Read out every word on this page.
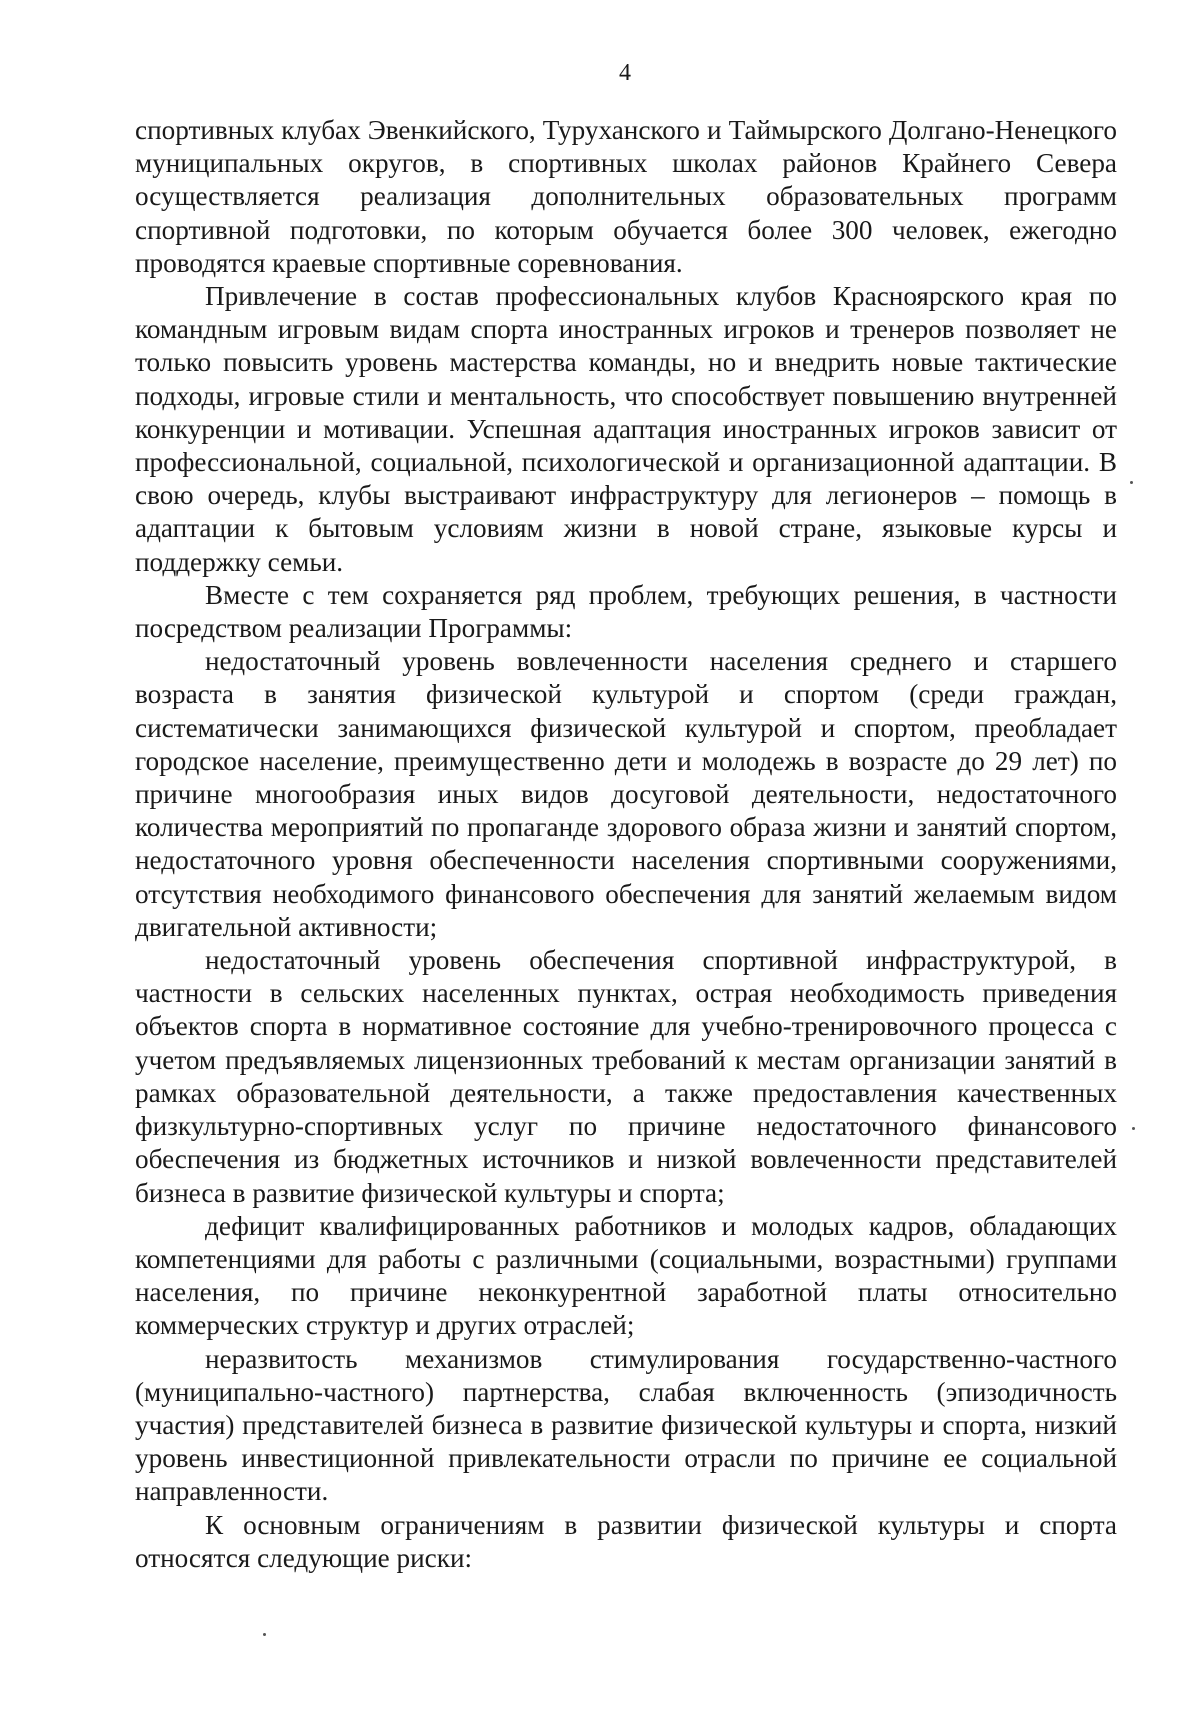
4

спортивных клубах Эвенкийского, Туруханского и Таймырского Долгано-Ненецкого муниципальных округов, в спортивных школах районов Крайнего Севера осуществляется реализация дополнительных образовательных программ спортивной подготовки, по которым обучается более 300 человек, ежегодно проводятся краевые спортивные соревнования.

Привлечение в состав профессиональных клубов Красноярского края по командным игровым видам спорта иностранных игроков и тренеров позволяет не только повысить уровень мастерства команды, но и внедрить новые тактические подходы, игровые стили и ментальность, что способствует повышению внутренней конкуренции и мотивации. Успешная адаптация иностранных игроков зависит от профессиональной, социальной, психологической и организационной адаптации. В свою очередь, клубы выстраивают инфраструктуру для легионеров – помощь в адаптации к бытовым условиям жизни в новой стране, языковые курсы и поддержку семьи.

Вместе с тем сохраняется ряд проблем, требующих решения, в частности посредством реализации Программы:

недостаточный уровень вовлеченности населения среднего и старшего возраста в занятия физической культурой и спортом (среди граждан, систематически занимающихся физической культурой и спортом, преобладает городское население, преимущественно дети и молодежь в возрасте до 29 лет) по причине многообразия иных видов досуговой деятельности, недостаточного количества мероприятий по пропаганде здорового образа жизни и занятий спортом, недостаточного уровня обеспеченности населения спортивными сооружениями, отсутствия необходимого финансового обеспечения для занятий желаемым видом двигательной активности;

недостаточный уровень обеспечения спортивной инфраструктурой, в частности в сельских населенных пунктах, острая необходимость приведения объектов спорта в нормативное состояние для учебно-тренировочного процесса с учетом предъявляемых лицензионных требований к местам организации занятий в рамках образовательной деятельности, а также предоставления качественных физкультурно-спортивных услуг по причине недостаточного финансового обеспечения из бюджетных источников и низкой вовлеченности представителей бизнеса в развитие физической культуры и спорта;

дефицит квалифицированных работников и молодых кадров, обладающих компетенциями для работы с различными (социальными, возрастными) группами населения, по причине неконкурентной заработной платы относительно коммерческих структур и других отраслей;

неразвитость механизмов стимулирования государственно-частного (муниципально-частного) партнерства, слабая включенность (эпизодичность участия) представителей бизнеса в развитие физической культуры и спорта, низкий уровень инвестиционной привлекательности отрасли по причине ее социальной направленности.

К основным ограничениям в развитии физической культуры и спорта относятся следующие риски:
